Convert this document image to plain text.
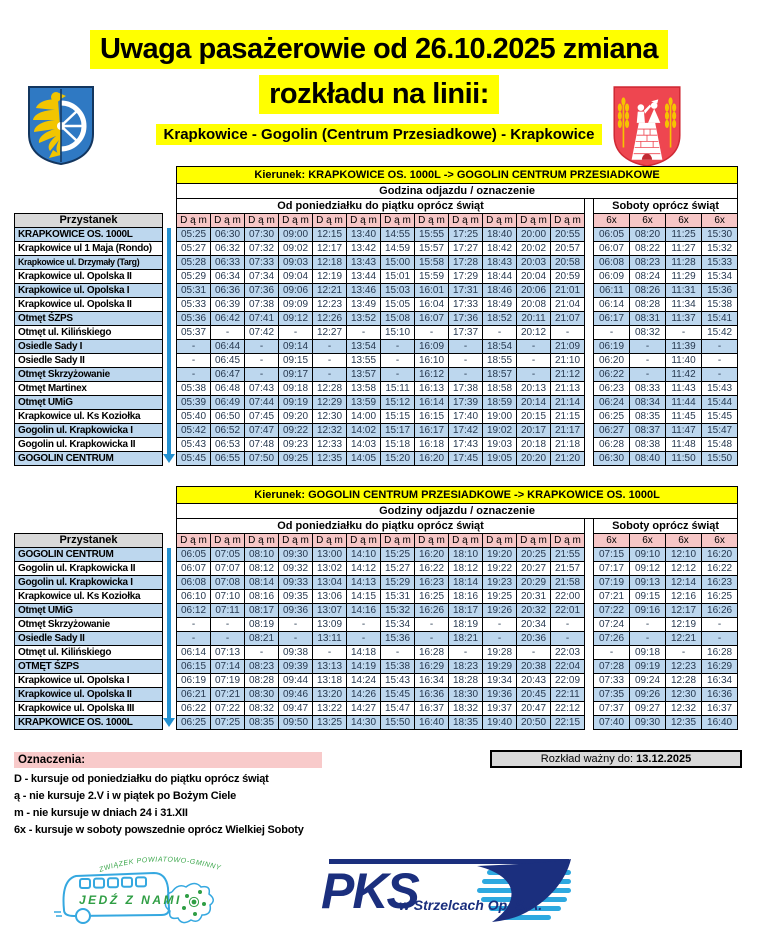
Uwaga pasażerowie od 26.10.2025 zmiana
rozkładu na linii:
Krapkowice - Gogolin (Centrum Przesiadkowe) - Krapkowice
		Kierunek: KRAPKOWICE OS. 1000L -> GOGOLIN CENTRUM PRZESIADKOWE																
		Godzina odjazdu / oznaczenie																
		Od poniedziałku do piątku oprócz świąt													Soboty oprócz świąt			
Przystanek		D ą m	D ą m	D ą m	D ą m	D ą m	D ą m	D ą m	D ą m	D ą m	D ą m	D ą m	D ą m		6x	6x	6x	6x
KRAPKOWICE OS. 1000L		05:25	06:30	07:30	09:00	12:15	13:40	14:55	15:55	17:25	18:40	20:00	20:55		06:05	08:20	11:25	15:30
Krapkowice ul 1 Maja (Rondo)		05:27	06:32	07:32	09:02	12:17	13:42	14:59	15:57	17:27	18:42	20:02	20:57		06:07	08:22	11:27	15:32
Krapkowice ul. Drzymały (Targ)		05:28	06:33	07:33	09:03	12:18	13:43	15:00	15:58	17:28	18:43	20:03	20:58		06:08	08:23	11:28	15:33
Krapkowice ul. Opolska II		05:29	06:34	07:34	09:04	12:19	13:44	15:01	15:59	17:29	18:44	20:04	20:59		06:09	08:24	11:29	15:34
Krapkowice ul. Opolska I		05:31	06:36	07:36	09:06	12:21	13:46	15:03	16:01	17:31	18:46	20:06	21:01		06:11	08:26	11:31	15:36
Krapkowice ul. Opolska II		05:33	06:39	07:38	09:09	12:23	13:49	15:05	16:04	17:33	18:49	20:08	21:04		06:14	08:28	11:34	15:38
Otmęt ŚZPS		05:36	06:42	07:41	09:12	12:26	13:52	15:08	16:07	17:36	18:52	20:11	21:07		06:17	08:31	11:37	15:41
Otmęt ul. Kilińskiego		05:37	-	07:42	-	12:27	-	15:10	-	17:37	-	20:12	-		-	08:32	-	15:42
Osiedle Sady I		-	06:44	-	09:14	-	13:54	-	16:09	-	18:54	-	21:09		06:19	-	11:39	-
Osiedle Sady II		-	06:45	-	09:15	-	13:55	-	16:10	-	18:55	-	21:10		06:20	-	11:40	-
Otmęt Skrzyżowanie		-	06:47	-	09:17	-	13:57	-	16:12	-	18:57	-	21:12		06:22	-	11:42	-
Otmęt Martinex		05:38	06:48	07:43	09:18	12:28	13:58	15:11	16:13	17:38	18:58	20:13	21:13		06:23	08:33	11:43	15:43
Otmęt UMiG		05:39	06:49	07:44	09:19	12:29	13:59	15:12	16:14	17:39	18:59	20:14	21:14		06:24	08:34	11:44	15:44
Krapkowice ul. Ks Koziołka		05:40	06:50	07:45	09:20	12:30	14:00	15:15	16:15	17:40	19:00	20:15	21:15		06:25	08:35	11:45	15:45
Gogolin ul. Krapkowicka I		05:42	06:52	07:47	09:22	12:32	14:02	15:17	16:17	17:42	19:02	20:17	21:17		06:27	08:37	11:47	15:47
Gogolin ul. Krapkowicka II		05:43	06:53	07:48	09:23	12:33	14:03	15:18	16:18	17:43	19:03	20:18	21:18		06:28	08:38	11:48	15:48
GOGOLIN CENTRUM		05:45	06:55	07:50	09:25	12:35	14:05	15:20	16:20	17:45	19:05	20:20	21:20		06:30	08:40	11:50	15:50
		Kierunek: GOGOLIN CENTRUM PRZESIADKOWE -> KRAPKOWICE OS. 1000L																
		Godziny odjazdu / oznaczenie																
		Od poniedziałku do piątku oprócz świąt													Soboty oprócz świąt			
Przystanek		D ą m	D ą m	D ą m	D ą m	D ą m	D ą m	D ą m	D ą m	D ą m	D ą m	D ą m	D ą m		6x	6x	6x	6x
GOGOLIN CENTRUM		06:05	07:05	08:10	09:30	13:00	14:10	15:25	16:20	18:10	19:20	20:25	21:55		07:15	09:10	12:10	16:20
Gogolin ul. Krapkowicka II		06:07	07:07	08:12	09:32	13:02	14:12	15:27	16:22	18:12	19:22	20:27	21:57		07:17	09:12	12:12	16:22
Gogolin ul. Krapkowicka I		06:08	07:08	08:14	09:33	13:04	14:13	15:29	16:23	18:14	19:23	20:29	21:58		07:19	09:13	12:14	16:23
Krapkowice ul. Ks Koziołka		06:10	07:10	08:16	09:35	13:06	14:15	15:31	16:25	18:16	19:25	20:31	22:00		07:21	09:15	12:16	16:25
Otmęt UMiG		06:12	07:11	08:17	09:36	13:07	14:16	15:32	16:26	18:17	19:26	20:32	22:01		07:22	09:16	12:17	16:26
Otmęt Skrzyżowanie		-	-	08:19	-	13:09	-	15:34	-	18:19	-	20:34	-		07:24	-	12:19	-
Osiedle Sady II		-	-	08:21	-	13:11	-	15:36	-	18:21	-	20:36	-		07:26	-	12:21	-
Otmęt ul. Kilińskiego		06:14	07:13	-	09:38	-	14:18	-	16:28	-	19:28	-	22:03		-	09:18	-	16:28
OTMĘT ŚZPS		06:15	07:14	08:23	09:39	13:13	14:19	15:38	16:29	18:23	19:29	20:38	22:04		07:28	09:19	12:23	16:29
Krapkowice ul. Opolska I		06:19	07:19	08:28	09:44	13:18	14:24	15:43	16:34	18:28	19:34	20:43	22:09		07:33	09:24	12:28	16:34
Krapkowice ul. Opolska II		06:21	07:21	08:30	09:46	13:20	14:26	15:45	16:36	18:30	19:36	20:45	22:11		07:35	09:26	12:30	16:36
Krapkowice ul. Opolska III		06:22	07:22	08:32	09:47	13:22	14:27	15:47	16:37	18:32	19:37	20:47	22:12		07:37	09:27	12:32	16:37
KRAPKOWICE OS. 1000L		06:25	07:25	08:35	09:50	13:25	14:30	15:50	16:40	18:35	19:40	20:50	22:15		07:40	09:30	12:35	16:40
Oznaczenia:	Rozkład ważny do: 13.12.2025
D - kursuje od poniedziałku do piątku oprócz świąt
ą - nie kursuje 2.V i w piątek po Bożym Ciele
m - nie kursuje w dniach 24 i 31.XII
6x - kursuje w soboty powszednie oprócz Wielkiej Soboty
ZWIĄZEK POWIATOWO-GMINNY
JEDŹ Z NAMI	PKS
w Strzelcach Op. S.A.
